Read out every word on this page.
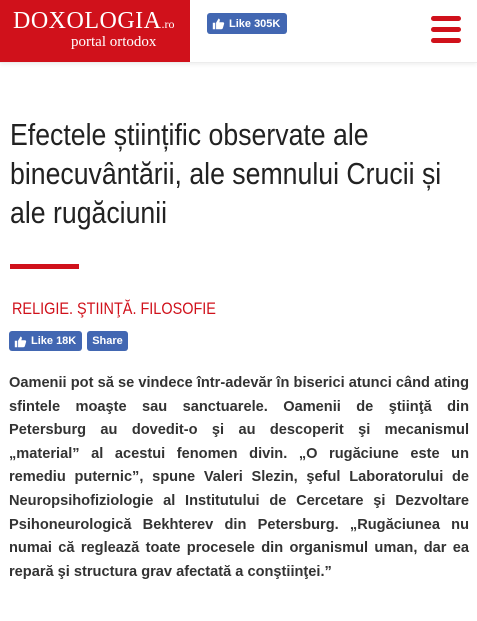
DOXOLOGIA.ro
portal ortodox
Like 305K
Efectele științific observate ale binecuvântării, ale semnului Crucii și ale rugăciunii
RELIGIE. ŞTIINŢĂ. FILOSOFIE
Like 18K Share

Oamenii pot să se vindece într-adevăr în biserici atunci când ating sfintele moaşte sau sanctuarele. Oamenii de ştiinţă din Petersburg au dovedit-o şi au descoperit şi mecanismul „material” al acestui fenomen divin. „O rugăciune este un remediu puternic”, spune Valeri Slezin, şeful Laboratorului de Neuropsihofiziologie al Institutului de Cercetare şi Dezvoltare Psihoneurologică Bekhterev din Petersburg. „Rugăciunea nu numai că reglează toate procesele din organismul uman, dar ea repară şi structura grav afectată a conştiinţei.”
